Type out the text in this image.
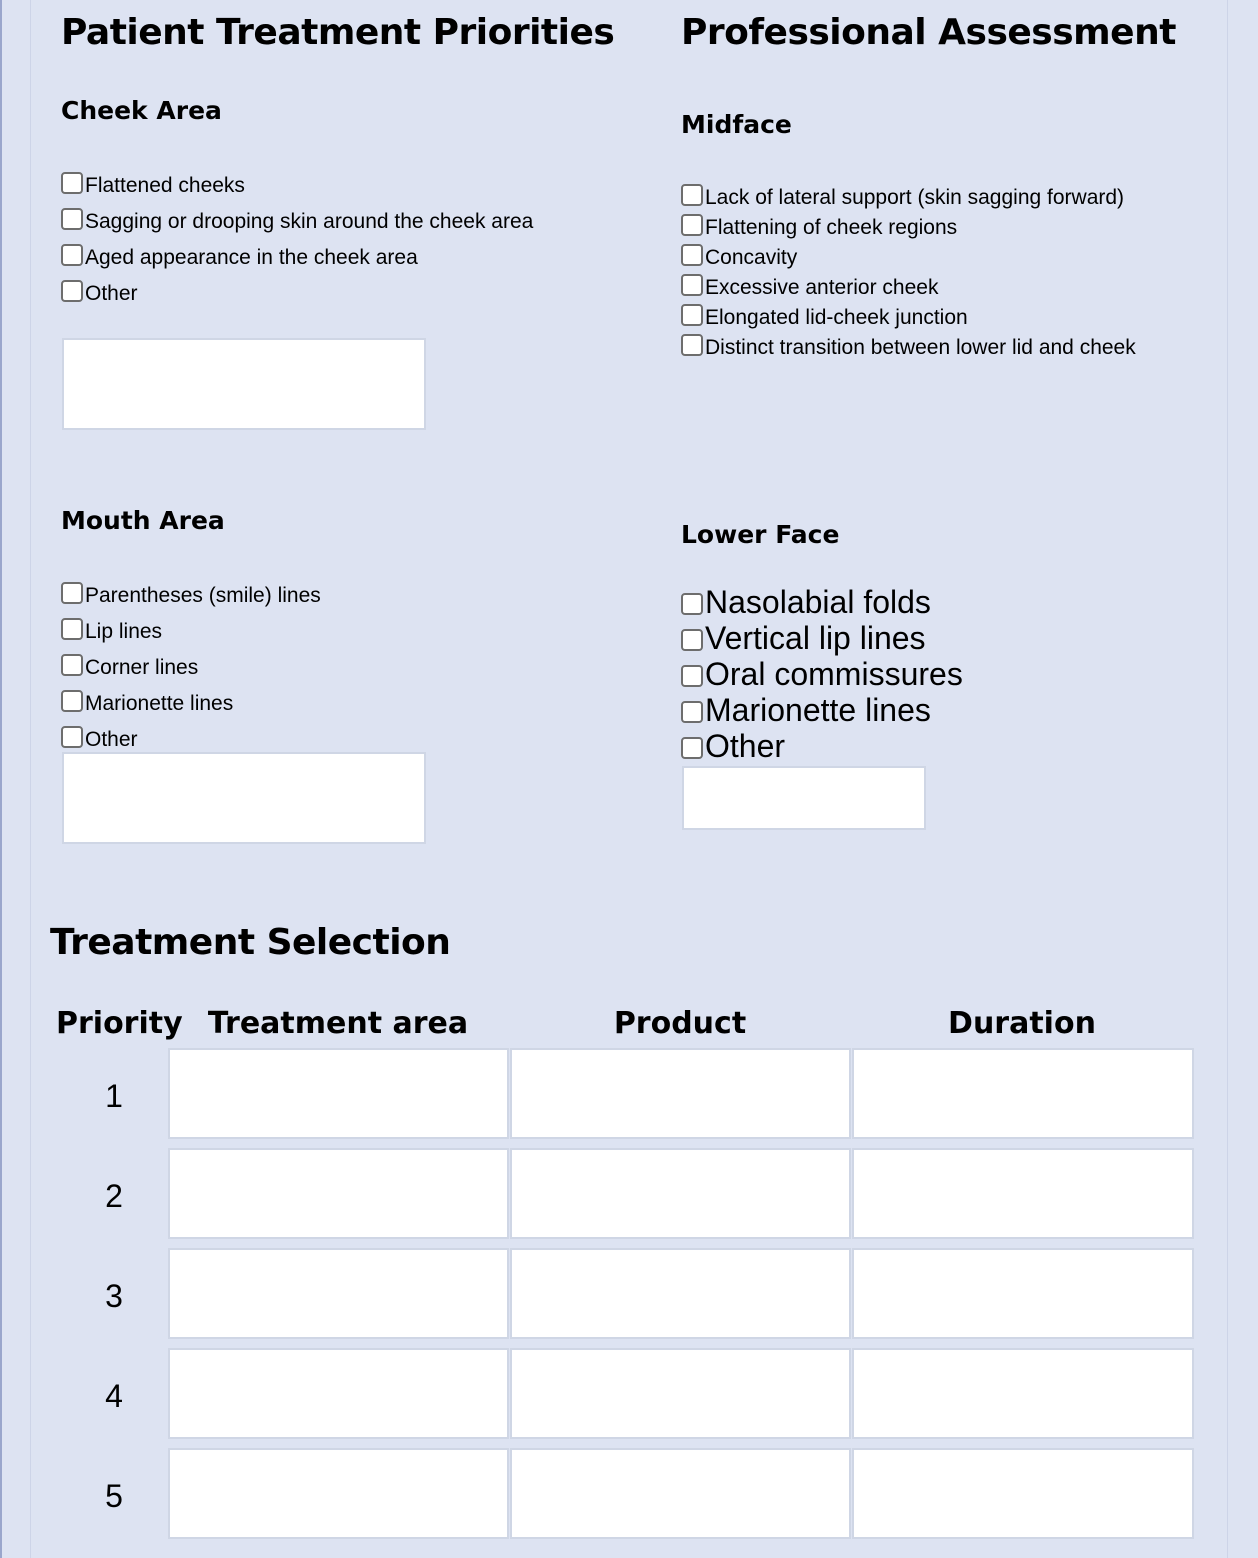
Patient Treatment Priorities
Cheek Area
Flattened cheeks
Sagging or drooping skin around the cheek area
Aged appearance in the cheek area
Other
Mouth Area
Parentheses (smile) lines
Lip lines
Corner lines
Marionette lines
Other
Professional Assessment
Midface
Lack of lateral support (skin sagging forward)
Flattening of cheek regions
Concavity
Excessive anterior cheek
Elongated lid-cheek junction
Distinct transition between lower lid and cheek
Lower Face
Nasolabial folds
Vertical lip lines
Oral commissures
Marionette lines
Other
Treatment Selection
Priority Treatment area	Product	Duration
1
2
3
4
5
